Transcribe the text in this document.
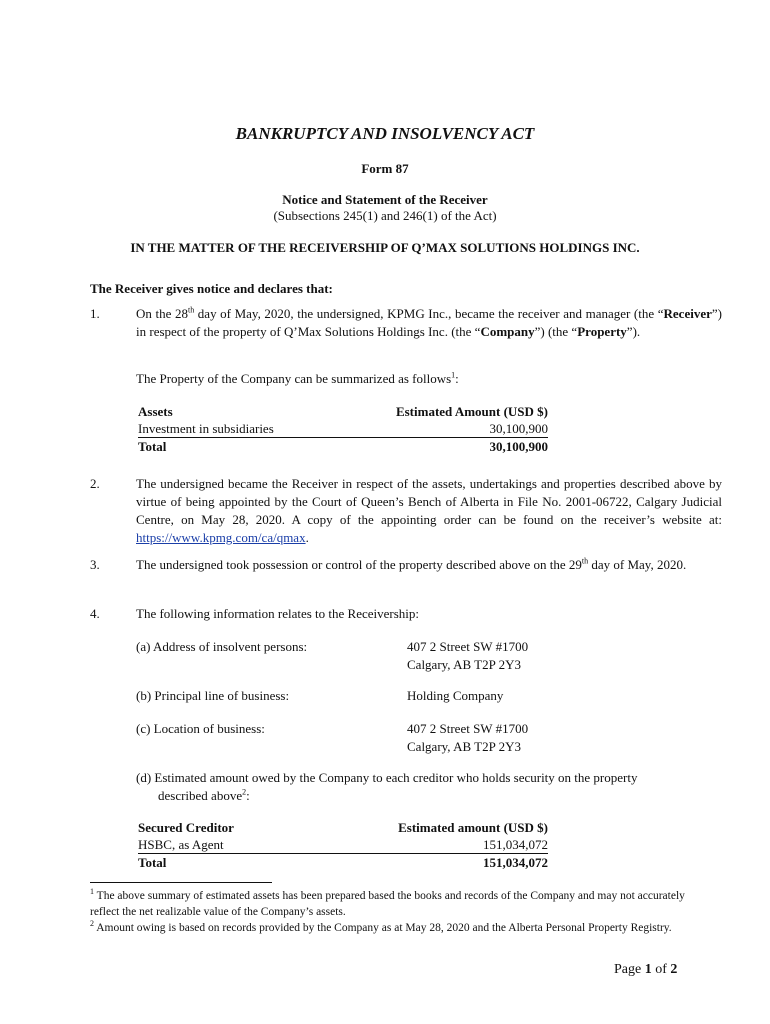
BANKRUPTCY AND INSOLVENCY ACT
Form 87
Notice and Statement of the Receiver
(Subsections 245(1) and 246(1) of the Act)
IN THE MATTER OF THE RECEIVERSHIP OF Q’MAX SOLUTIONS HOLDINGS INC.
The Receiver gives notice and declares that:
1.	On the 28th day of May, 2020, the undersigned, KPMG Inc., became the receiver and manager (the “Receiver”) in respect of the property of Q’Max Solutions Holdings Inc. (the “Company”) (the “Property”).
The Property of the Company can be summarized as follows$^1$:
Assets	Estimated Amount (USD $)
Investment in subsidiaries	30,100,900
Total	30,100,900
2.	The undersigned became the Receiver in respect of the assets, undertakings and properties described above by virtue of being appointed by the Court of Queen’s Bench of Alberta in File No. 2001-06722, Calgary Judicial Centre, on May 28, 2020. A copy of the appointing order can be found on the receiver’s website at: https://www.kpmg.com/ca/qmax.
3.	The undersigned took possession or control of the property described above on the 29th day of May, 2020.
4.	The following information relates to the Receivership:
(a) Address of insolvent persons:	407 2 Street SW #1700
Calgary, AB T2P 2Y3
(b) Principal line of business:	Holding Company
(c) Location of business:	407 2 Street SW #1700
Calgary, AB T2P 2Y3
(d) Estimated amount owed by the Company to each creditor who holds security on the property
described above$^2$:
Secured Creditor	Estimated amount (USD $)
HSBC, as Agent	151,034,072
Total	151,034,072
$^1$ The above summary of estimated assets has been prepared based the books and records of the Company and may not accurately reflect the net realizable value of the Company’s assets.
$^2$ Amount owing is based on records provided by the Company as at May 28, 2020 and the Alberta Personal Property Registry.
Page 1 of 2
